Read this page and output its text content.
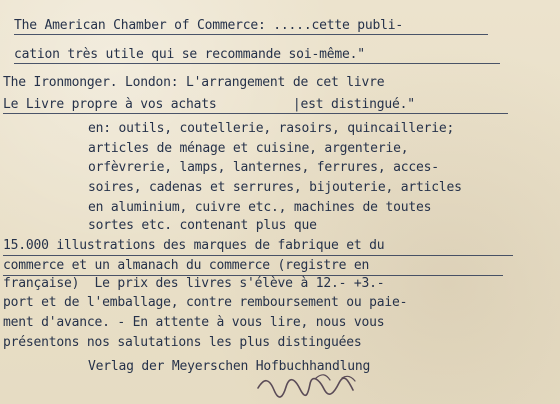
The American Chamber of Commerce: .....cette publi-
cation très utile qui se recommande soi-même."
The Ironmonger. London: L'arrangement de cet livre
Le Livre propre à vos achats          |est distingué."
en: outils, coutellerie, rasoirs, quincaillerie;
articles de ménage et cuisine, argenterie,
orfèvrerie, lamps, lanternes, ferrures, acces-
soires, cadenas et serrures, bijouterie, articles
en aluminium, cuivre etc., machines de toutes
sortes etc. contenant plus que
15.000 illustrations des marques de fabrique et du
commerce et un almanach du commerce (registre en
française)  Le prix des livres s'élève à 12.- +3.-
port et de l'emballage, contre remboursement ou paie-
ment d'avance. - En attente à vous lire, nous vous
présentons nos salutations les plus distinguées
Verlag der Meyerschen Hofbuchhandlung
